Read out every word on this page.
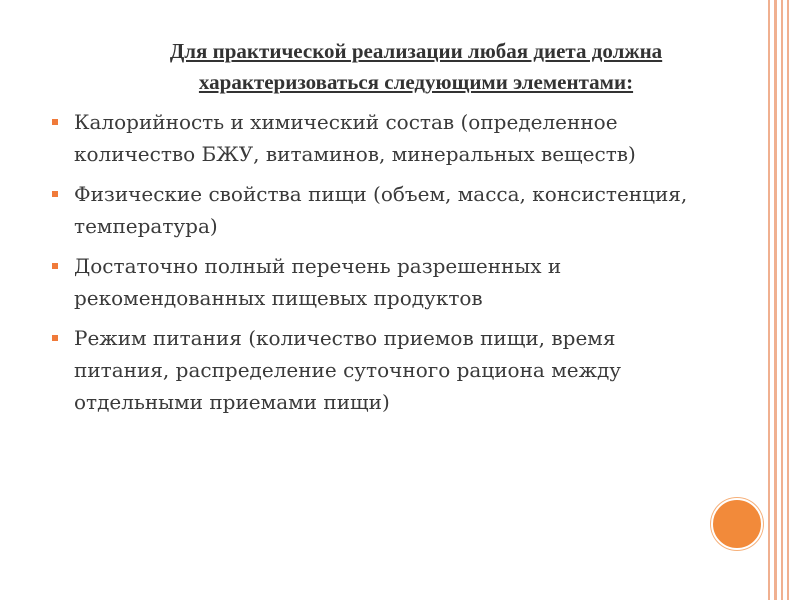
Для практической реализации любая диета должна
характеризоваться следующими элементами:
Калорийность и химический состав (определенное
количество БЖУ, витаминов, минеральных веществ)
Физические свойства пищи (объем, масса, консистенция,
температура)
Достаточно полный перечень разрешенных и
рекомендованных пищевых продуктов
Режим питания (количество приемов пищи, время
питания, распределение суточного рациона между
отдельными приемами пищи)
